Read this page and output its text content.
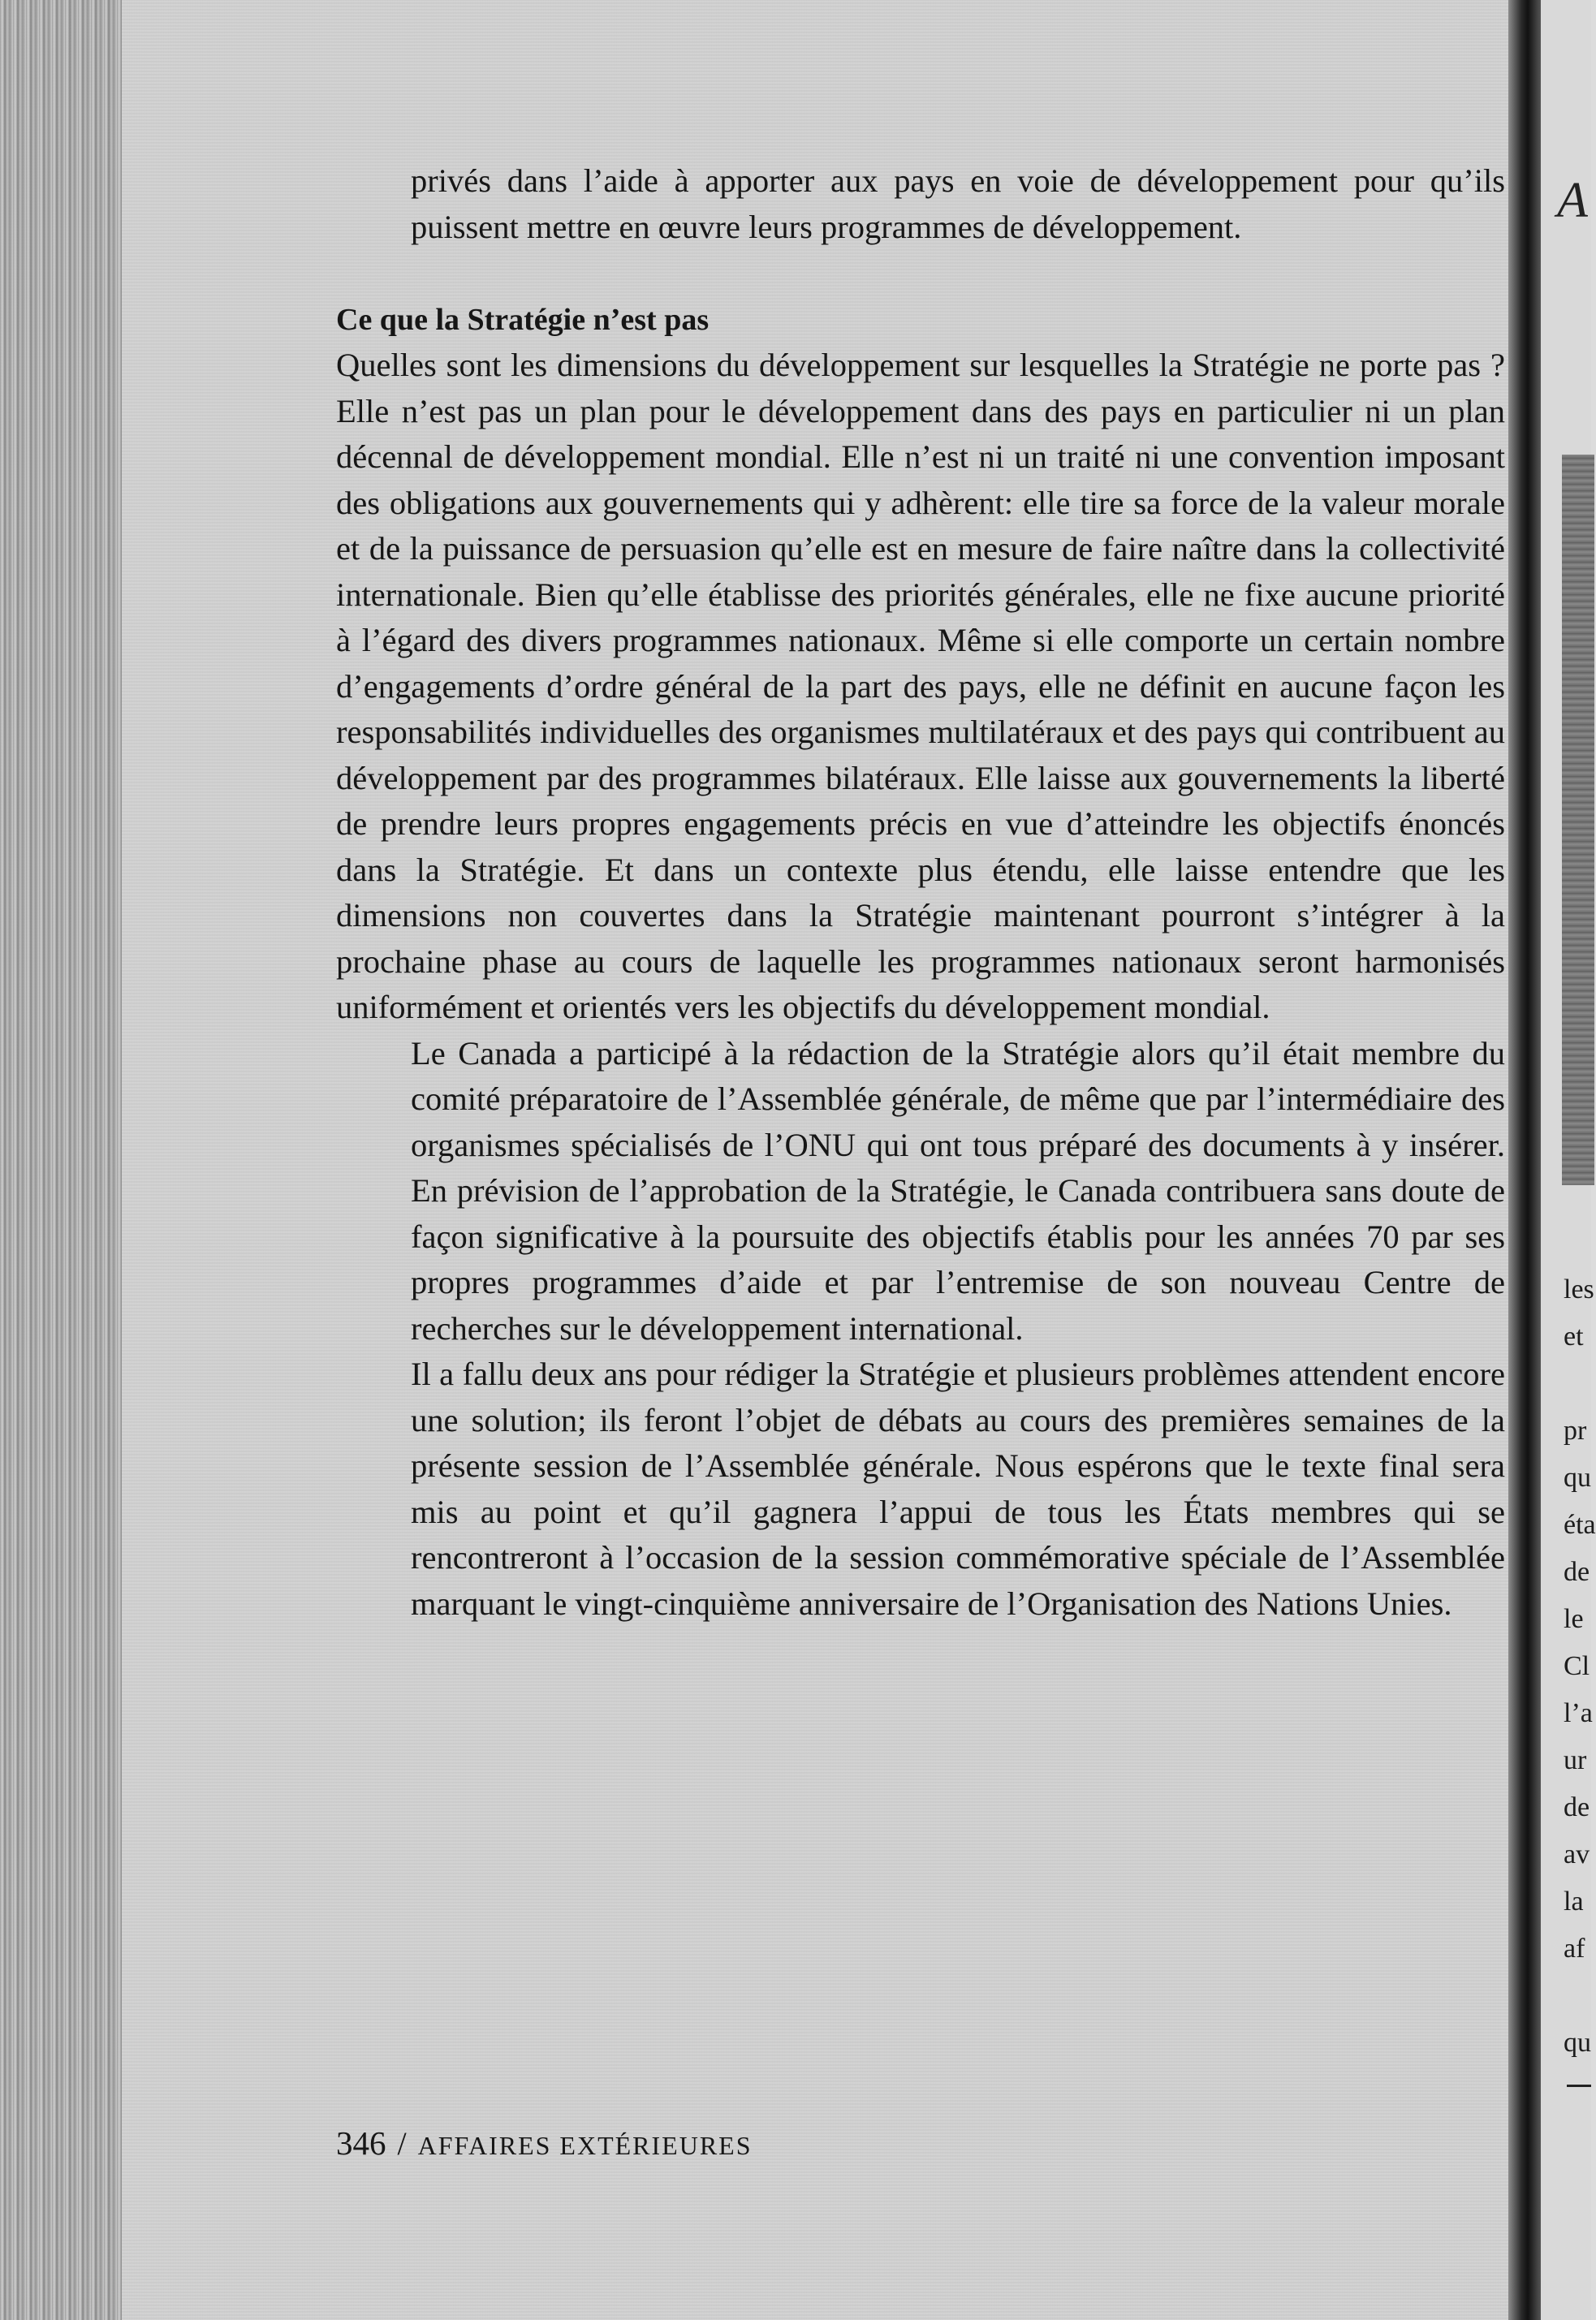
privés dans l’aide à apporter aux pays en voie de développement pour qu’ils puissent mettre en œuvre leurs programmes de développement.

Ce que la Stratégie n’est pas

Quelles sont les dimensions du développement sur lesquelles la Stratégie ne porte pas ? Elle n’est pas un plan pour le développement dans des pays en particulier ni un plan décennal de développement mondial. Elle n’est ni un traité ni une convention imposant des obligations aux gouvernements qui y adhèrent: elle tire sa force de la valeur morale et de la puissance de persuasion qu’elle est en mesure de faire naître dans la collectivité internationale. Bien qu’elle établisse des priorités générales, elle ne fixe aucune priorité à l’égard des divers programmes nationaux. Même si elle comporte un certain nombre d’engagements d’ordre général de la part des pays, elle ne définit en aucune façon les responsabilités individuelles des organismes multilatéraux et des pays qui contribuent au développement par des programmes bilatéraux. Elle laisse aux gouvernements la liberté de prendre leurs propres engagements précis en vue d’atteindre les objectifs énoncés dans la Stratégie. Et dans un contexte plus étendu, elle laisse entendre que les dimensions non couvertes dans la Stratégie maintenant pourront s’intégrer à la prochaine phase au cours de laquelle les programmes nationaux seront harmonisés uniformément et orientés vers les objectifs du développement mondial.

Le Canada a participé à la rédaction de la Stratégie alors qu’il était membre du comité préparatoire de l’Assemblée générale, de même que par l’intermédiaire des organismes spécialisés de l’ONU qui ont tous préparé des documents à y insérer. En prévision de l’approbation de la Stratégie, le Canada contribuera sans doute de façon significative à la poursuite des objectifs établis pour les années 70 par ses propres programmes d’aide et par l’entremise de son nouveau Centre de recherches sur le développement international.

Il a fallu deux ans pour rédiger la Stratégie et plusieurs problèmes attendent encore une solution; ils feront l’objet de débats au cours des premières semaines de la présente session de l’Assemblée générale. Nous espérons que le texte final sera mis au point et qu’il gagnera l’appui de tous les États membres qui se rencontreront à l’occasion de la session commémorative spéciale de l’Assemblée marquant le vingt-cinquième anniversaire de l’Organisation des Nations Unies.

346 / AFFAIRES EXTÉRIEURES
A
les
et
pr
qu
éta
de
le
Cl
l’a
ur
de
av
la
af
qu
